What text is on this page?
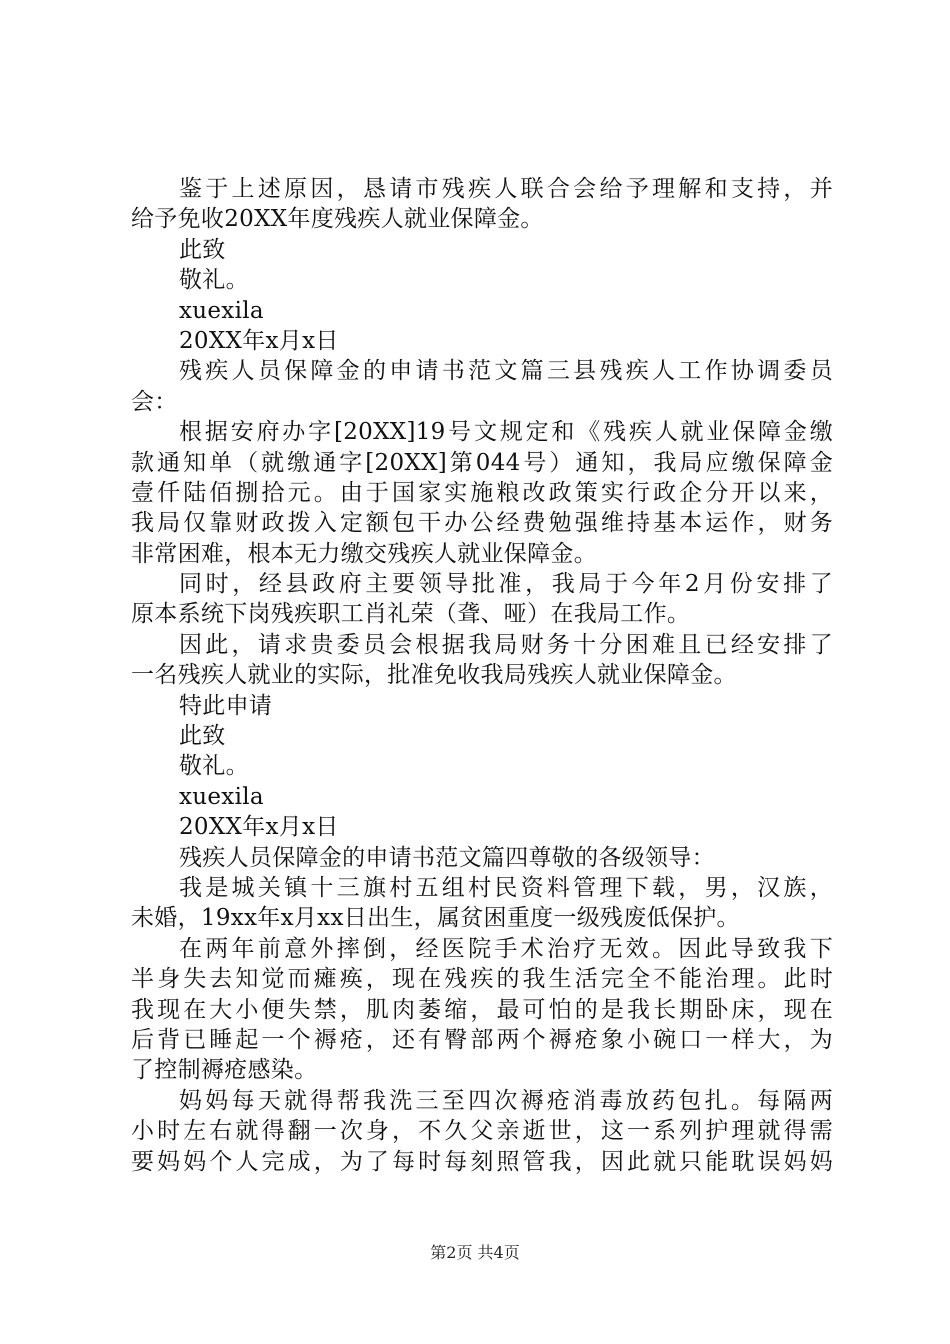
鉴于上述原因，恳请市残疾人联合会给予理解和支持，并
给予免收20XX年度残疾人就业保障金。
此致
敬礼。
xuexila
20XX年x月x日
残疾人员保障金的申请书范文篇三县残疾人工作协调委员
会：
根据安府办字[20XX]19号文规定和《残疾人就业保障金缴
款通知单（就缴通字[20XX]第044号）通知，我局应缴保障金
壹仟陆佰捌拾元。由于国家实施粮改政策实行政企分开以来，
我局仅靠财政拨入定额包干办公经费勉强维持基本运作，财务
非常困难，根本无力缴交残疾人就业保障金。
同时，经县政府主要领导批准，我局于今年2月份安排了
原本系统下岗残疾职工肖礼荣（聋、哑）在我局工作。
因此，请求贵委员会根据我局财务十分困难且已经安排了
一名残疾人就业的实际，批准免收我局残疾人就业保障金。
特此申请
此致
敬礼。
xuexila
20XX年x月x日
残疾人员保障金的申请书范文篇四尊敬的各级领导：
我是城关镇十三旗村五组村民资料管理下载，男，汉族，
未婚，19xx年x月xx日出生，属贫困重度一级残废低保护。
在两年前意外摔倒，经医院手术治疗无效。因此导致我下
半身失去知觉而瘫痪，现在残疾的我生活完全不能治理。此时
我现在大小便失禁，肌肉萎缩，最可怕的是我长期卧床，现在
后背已睡起一个褥疮，还有臀部两个褥疮象小碗口一样大，为
了控制褥疮感染。
妈妈每天就得帮我洗三至四次褥疮消毒放药包扎。每隔两
小时左右就得翻一次身，不久父亲逝世，这一系列护理就得需
要妈妈个人完成，为了每时每刻照管我，因此就只能耽误妈妈
第2页 共4页
